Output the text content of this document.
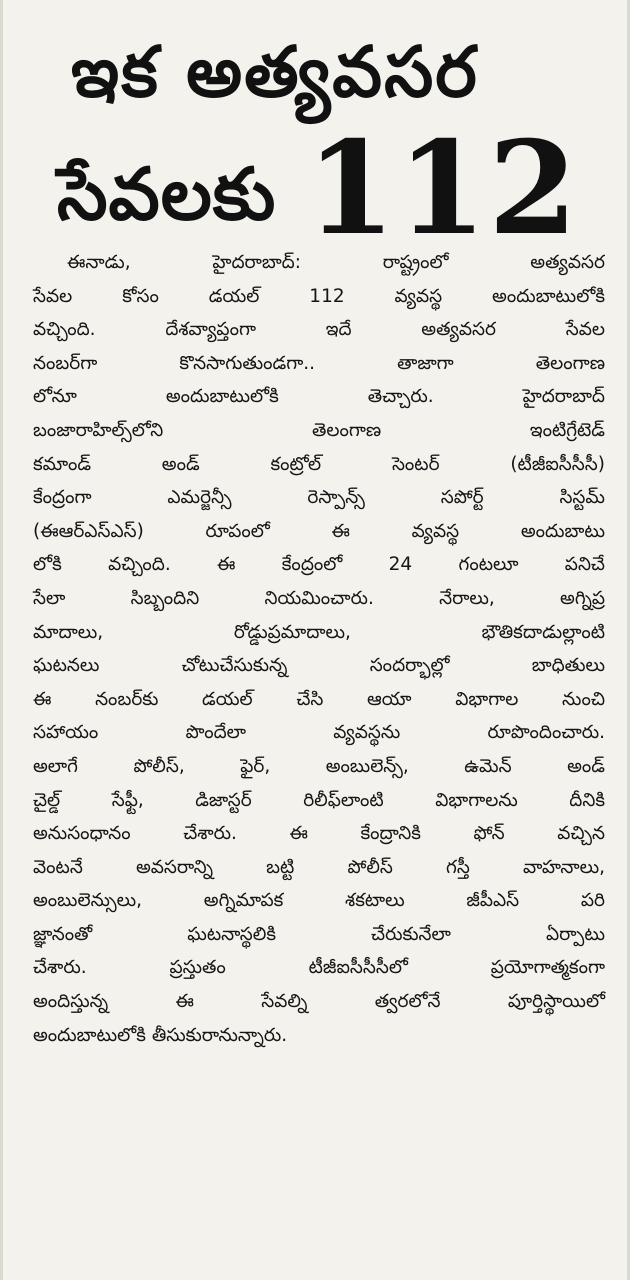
ఇక అత్యవసర
సేవలకు 112
ఈనాడు, హైదరాబాద్: రాష్ట్రంలో అత్యవసర
సేవల కోసం డయల్ 112 వ్యవస్థ అందుబాటులోకి
వచ్చింది. దేశవ్యాప్తంగా ఇదే అత్యవసర సేవల
నంబర్‌గా కొనసాగుతుండగా.. తాజాగా తెలంగాణ
లోనూ అందుబాటులోకి తెచ్చారు. హైదరాబాద్
బంజారాహిల్స్‌లోని తెలంగాణ ఇంటిగ్రేటెడ్
కమాండ్ అండ్ కంట్రోల్ సెంటర్ (టీజీఐసీసీసీ)
కేంద్రంగా ఎమర్జెన్సీ రెస్పాన్స్ సపోర్ట్ సిస్టమ్
(ఈఆర్ఎస్ఎస్) రూపంలో ఈ వ్యవస్థ అందుబాటు
లోకి వచ్చింది. ఈ కేంద్రంలో 24 గంటలూ పనిచే
సేలా సిబ్బందిని నియమించారు. నేరాలు, అగ్నిప్ర
మాదాలు, రోడ్డుప్రమాదాలు, భౌతికదాడుల్లాంటి
ఘటనలు చోటుచేసుకున్న సందర్భాల్లో బాధితులు
ఈ నంబర్‌కు డయల్ చేసి ఆయా విభాగాల నుంచి
సహాయం పొందేలా వ్యవస్థను రూపొందించారు.
అలాగే పోలీస్, ఫైర్, అంబులెన్స్, ఉమెన్ అండ్
చైల్డ్ సేఫ్టీ, డిజాస్టర్ రిలీఫ్‌లాంటి విభాగాలను దీనికి
అనుసంధానం చేశారు. ఈ కేంద్రానికి ఫోన్ వచ్చిన
వెంటనే అవసరాన్ని బట్టి పోలీస్ గస్తీ వాహనాలు,
అంబులెన్సులు, అగ్నిమాపక శకటాలు జీపీఎస్ పరి
జ్ఞానంతో ఘటనాస్థలికి చేరుకునేలా ఏర్పాటు
చేశారు. ప్రస్తుతం టీజీఐసీసీసీలో ప్రయోగాత్మకంగా
అందిస్తున్న ఈ సేవల్ని త్వరలోనే పూర్తిస్థాయిలో
అందుబాటులోకి తీసుకురానున్నారు.
